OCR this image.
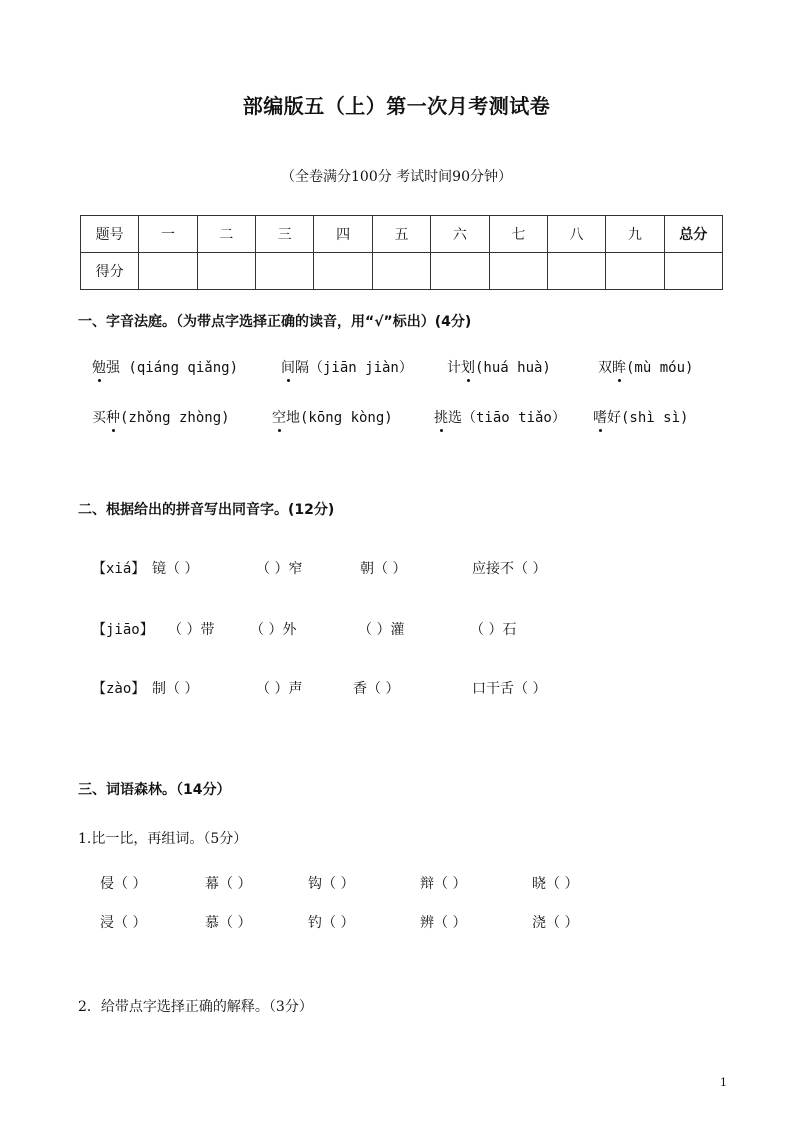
部编版五（上）第一次月考测试卷
（全卷满分100分 考试时间90分钟）
题号	一	二	三	四	五	六	七	八	九	总分
得分										
一、字音法庭。（为带点字选择正确的读音，用“√”标出）(4分)
勉强 (qiáng qiǎng)	间隔（jiān jiàn） 计划(huá huà)	双眸(mù móu)
买种(zhǒng zhòng)	空地(kōng kòng)	挑选（tiāo tiǎo） 嗜好(shì sì)
二、根据给出的拼音写出同音字。(12分)
【xiá】 镜（ ）	（ ）窄	朝（ ）	应接不（ ）
【jiāo】 （ ）带	（ ）外	（ ）灌	（ ）石
【zào】 制（ ）	（ ）声	香（ ）	口干舌（ ）
三、词语森林。（14分）
1.比一比，再组词。（5分）
侵（ ）	幕（ ）	钩（ ）	辩（ ）	晓（ ）
浸（ ）	慕（ ）	钓（ ）	辨（ ）	浇（ ）
2．给带点字选择正确的解释。（3分）
1
